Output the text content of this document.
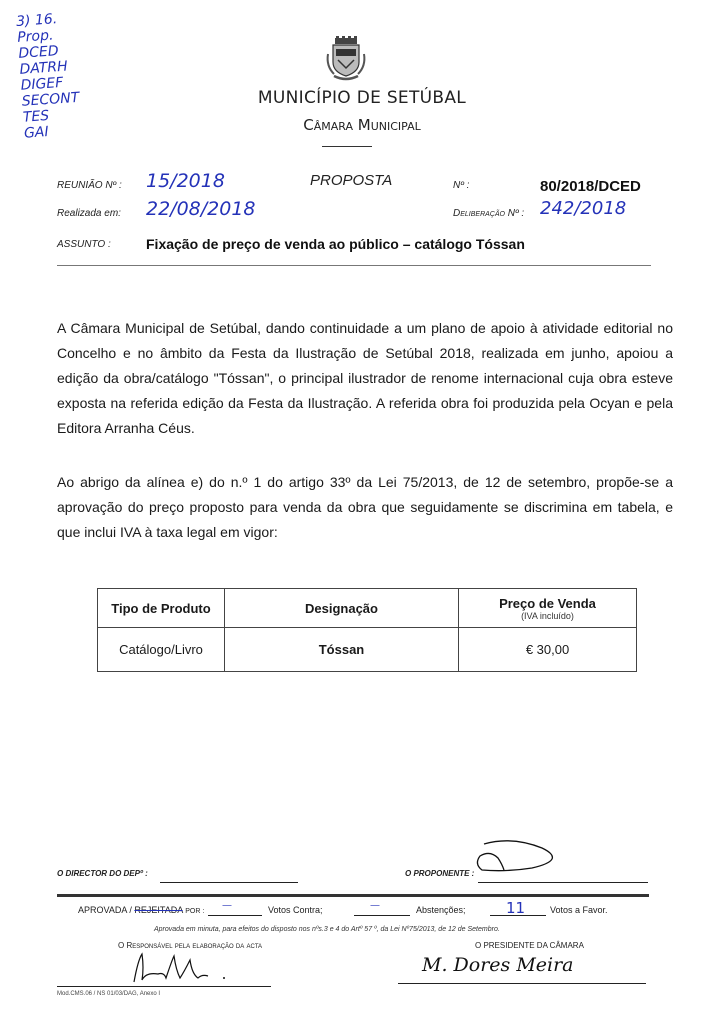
3) 16.
Prop.
DCED
DATRH
DIGEF
SECONT
TES
GAI
MUNICÍPIO DE SETÚBAL
Câmara Municipal
REUNIÃO Nº : 15/2018	PROPOSTA	Nº :	80/2018/DCED
Realizada em: 22/08/2018	Deliberação Nº : 242/2018
ASSUNTO :	Fixação de preço de venda ao público – catálogo Tóssan
A Câmara Municipal de Setúbal, dando continuidade a um plano de apoio à atividade editorial no Concelho e no âmbito da Festa da Ilustração de Setúbal 2018, realizada em junho, apoiou a edição da obra/catálogo "Tóssan", o principal ilustrador de renome internacional cuja obra esteve exposta na referida edição da Festa da Ilustração. A referida obra foi produzida pela Ocyan e pela Editora Arranha Céus.
Ao abrigo da alínea e) do n.º 1 do artigo 33º da Lei 75/2013, de 12 de setembro, propõe-se a aprovação do preço proposto para venda da obra que seguidamente se discrimina em tabela, e que inclui IVA à taxa legal em vigor:
Tipo de Produto	Designação	Preço de Venda
(IVA incluído)

Catálogo/Livro	Tóssan	€ 30,00
O DIRECTOR DO DEPº :	O PROPONENTE :
APROVADA / REJEITADA POR :
—	Votos Contra;	—	Abstenções;	11	Votos a Favor.
Aprovada em minuta, para efeitos do disposto nos nºs.3 e 4 do Artº 57 º, da Lei Nº75/2013, de 12 de Setembro.
O Responsável pela elaboração da acta	O PRESIDENTE DA CÂMARA
M. Dores Meira
Mod.CMS.06 / NS 01/03/DAG, Anexo I
